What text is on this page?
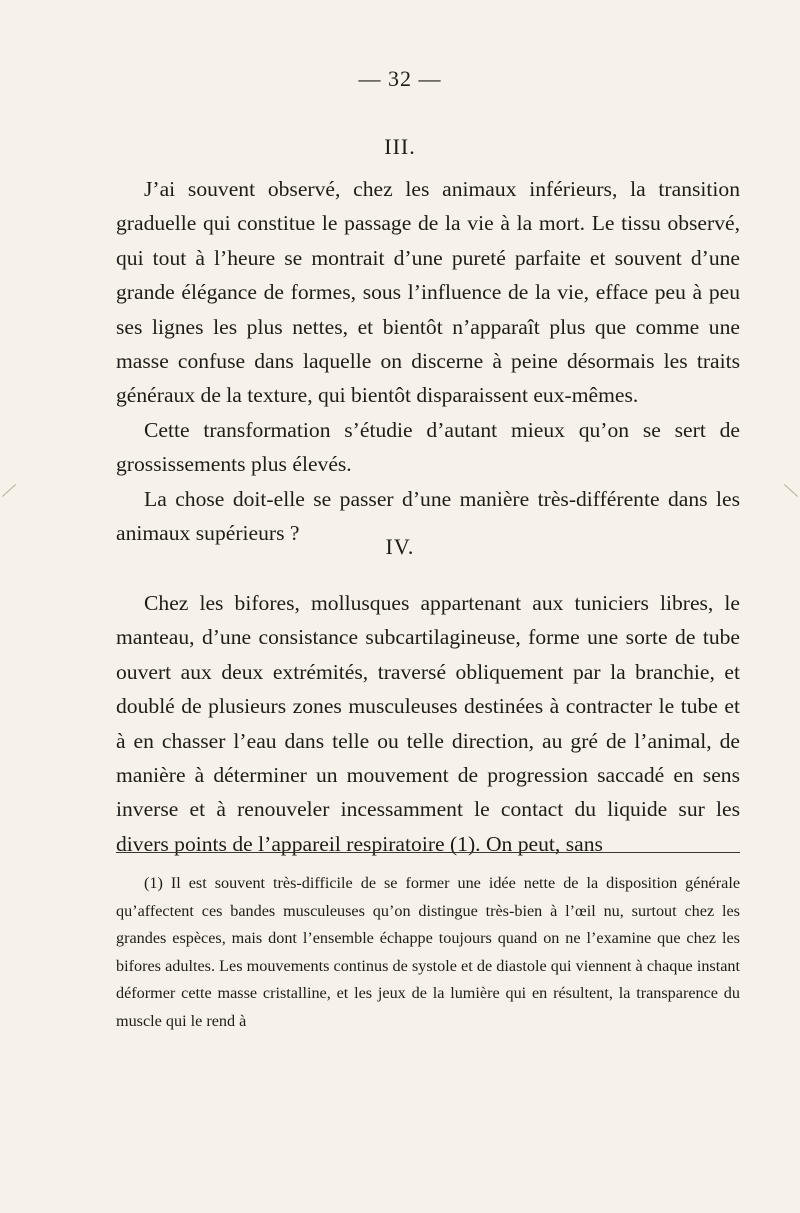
— 32 —
III.

J’ai souvent observé, chez les animaux inférieurs, la transition graduelle qui constitue le passage de la vie à la mort. Le tissu observé, qui tout à l’heure se montrait d’une pureté parfaite et souvent d’une grande élégance de formes, sous l’influence de la vie, efface peu à peu ses lignes les plus nettes, et bientôt n’apparaît plus que comme une masse confuse dans laquelle on discerne à peine désormais les traits généraux de la texture, qui bientôt disparaissent eux-mêmes.

Cette transformation s’étudie d’autant mieux qu’on se sert de grossissements plus élevés.

La chose doit-elle se passer d’une manière très-différente dans les animaux supérieurs ?

IV.

Chez les bifores, mollusques appartenant aux tuniciers libres, le manteau, d’une consistance subcartilagineuse, forme une sorte de tube ouvert aux deux extrémités, traversé obliquement par la branchie, et doublé de plusieurs zones musculeuses destinées à contracter le tube et à en chasser l’eau dans telle ou telle direction, au gré de l’animal, de manière à déterminer un mouvement de progression saccadé en sens inverse et à renouveler incessamment le contact du liquide sur les divers points de l’appareil respiratoire (1). On peut, sans

(1) Il est souvent très-difficile de se former une idée nette de la disposition générale qu’affectent ces bandes musculeuses qu’on distingue très-bien à l’œil nu, surtout chez les grandes espèces, mais dont l’ensemble échappe toujours quand on ne l’examine que chez les bifores adultes. Les mouvements continus de systole et de diastole qui viennent à chaque instant déformer cette masse cristalline, et les jeux de la lumière qui en résultent, la transparence du muscle qui le rend à
